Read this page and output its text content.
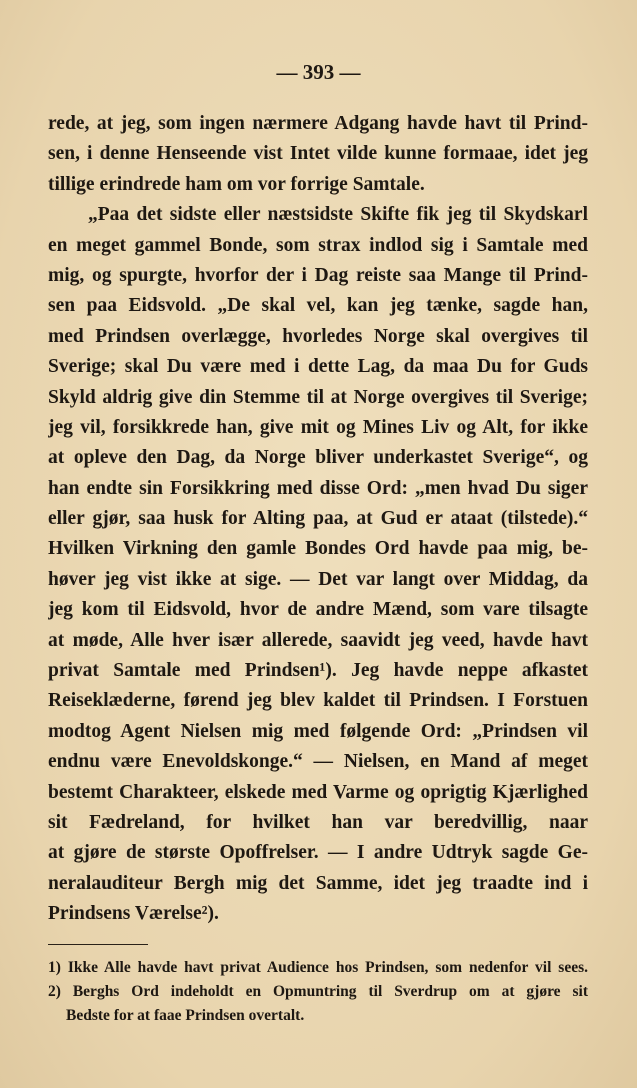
— 393 —
rede, at jeg, som ingen nærmere Adgang havde havt til Prind-
sen, i denne Henseende vist Intet vilde kunne formaae, idet jeg
tillige erindrede ham om vor forrige Samtale.
„Paa det sidste eller næstsidste Skifte fik jeg til Skydskarl
en meget gammel Bonde, som strax indlod sig i Samtale med
mig, og spurgte, hvorfor der i Dag reiste saa Mange til Prind-
sen paa Eidsvold. „De skal vel, kan jeg tænke, sagde han,
med Prindsen overlægge, hvorledes Norge skal overgives til
Sverige; skal Du være med i dette Lag, da maa Du for Guds
Skyld aldrig give din Stemme til at Norge overgives til Sverige;
jeg vil, forsikkrede han, give mit og Mines Liv og Alt, for ikke
at opleve den Dag, da Norge bliver underkastet Sverige“, og
han endte sin Forsikkring med disse Ord: „men hvad Du siger
eller gjør, saa husk for Alting paa, at Gud er ataat (tilstede).“
Hvilken Virkning den gamle Bondes Ord havde paa mig, be-
høver jeg vist ikke at sige. — Det var langt over Middag, da
jeg kom til Eidsvold, hvor de andre Mænd, som vare tilsagte
at møde, Alle hver især allerede, saavidt jeg veed, havde havt
privat Samtale med Prindsen¹). Jeg havde neppe afkastet
Reiseklæderne, førend jeg blev kaldet til Prindsen. I Forstuen
modtog Agent Nielsen mig med følgende Ord: „Prindsen vil
endnu være Enevoldskonge.“ — Nielsen, en Mand af meget
bestemt Charakteer, elskede med Varme og oprigtig Kjærlighed
sit Fædreland, for hvilket han var beredvillig, naar
at gjøre de største Opoffrelser. — I andre Udtryk sagde Ge-
neralauditeur Bergh mig det Samme, idet jeg traadte ind i
Prindsens Værelse²).
1) Ikke Alle havde havt privat Audience hos Prindsen, som nedenfor vil sees.
2) Berghs Ord indeholdt en Opmuntring til Sverdrup om at gjøre sit
Bedste for at faae Prindsen overtalt.
